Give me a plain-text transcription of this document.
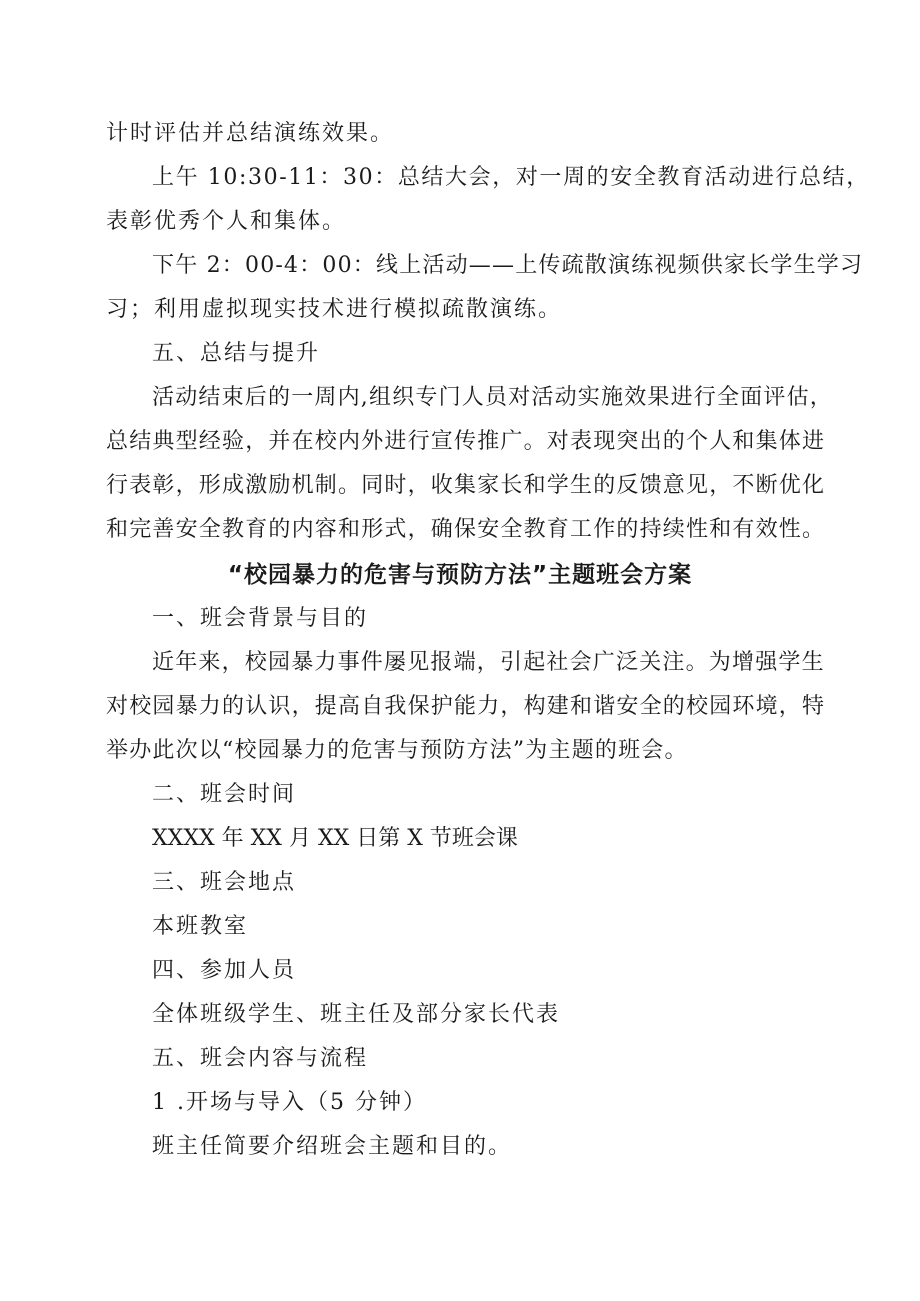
计时评估并总结演练效果。
上午 10:30-11：30：总结大会，对一周的安全教育活动进行总结，
表彰优秀个人和集体。
下午 2：00-4：00：线上活动——上传疏散演练视频供家长学生学习
习；利用虚拟现实技术进行模拟疏散演练。
五、总结与提升
活动结束后的一周内,组织专门人员对活动实施效果进行全面评估，
总结典型经验，并在校内外进行宣传推广。对表现突出的个人和集体进
行表彰，形成激励机制。同时，收集家长和学生的反馈意见，不断优化
和完善安全教育的内容和形式，确保安全教育工作的持续性和有效性。
“校园暴力的危害与预防方法”主题班会方案
一、班会背景与目的
近年来，校园暴力事件屡见报端，引起社会广泛关注。为增强学生
对校园暴力的认识，提高自我保护能力，构建和谐安全的校园环境，特
举办此次以“校园暴力的危害与预防方法”为主题的班会。
二、班会时间
XXXX 年 XX 月 XX 日第 X 节班会课
三、班会地点
本班教室
四、参加人员
全体班级学生、班主任及部分家长代表
五、班会内容与流程
1 .开场与导入（5 分钟）
班主任简要介绍班会主题和目的。
